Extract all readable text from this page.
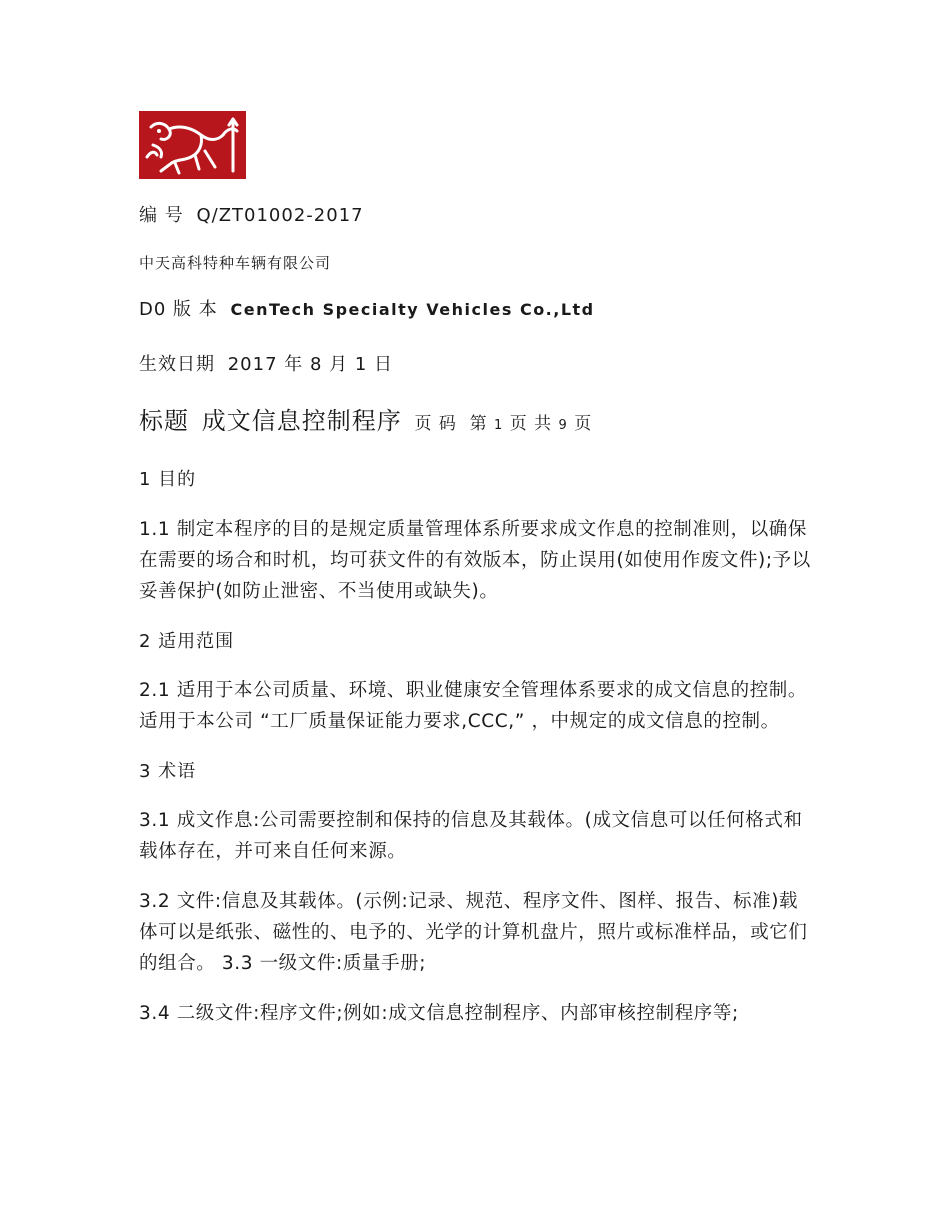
编 号 Q/ZT01002-2017
中天高科特种车辆有限公司
D0 版 本 CenTech Specialty Vehicles Co.,Ltd
生效日期 2017 年 8 月 1 日
标题 成文信息控制程序 页 码 第 1 页 共 9 页
1 目的

1.1 制定本程序的目的是规定质量管理体系所要求成文作息的控制准则，以确保在需要的场合和时机，均可获文件的有效版本，防止误用(如使用作废文件);予以妥善保护(如防止泄密、不当使用或缺失)。

2 适用范围

2.1 适用于本公司质量、环境、职业健康安全管理体系要求的成文信息的控制。适用于本公司 “工厂质量保证能力要求,CCC,” ，中规定的成文信息的控制。

3 术语

3.1 成文作息:公司需要控制和保持的信息及其载体。(成文信息可以任何格式和载体存在，并可来自任何来源。

3.2 文件:信息及其载体。(示例:记录、规范、程序文件、图样、报告、标准)载体可以是纸张、磁性的、电予的、光学的计算机盘片，照片或标准样品，或它们的组合。 3.3 一级文件:质量手册;

3.4 二级文件:程序文件;例如:成文信息控制程序、内部审核控制程序等;
